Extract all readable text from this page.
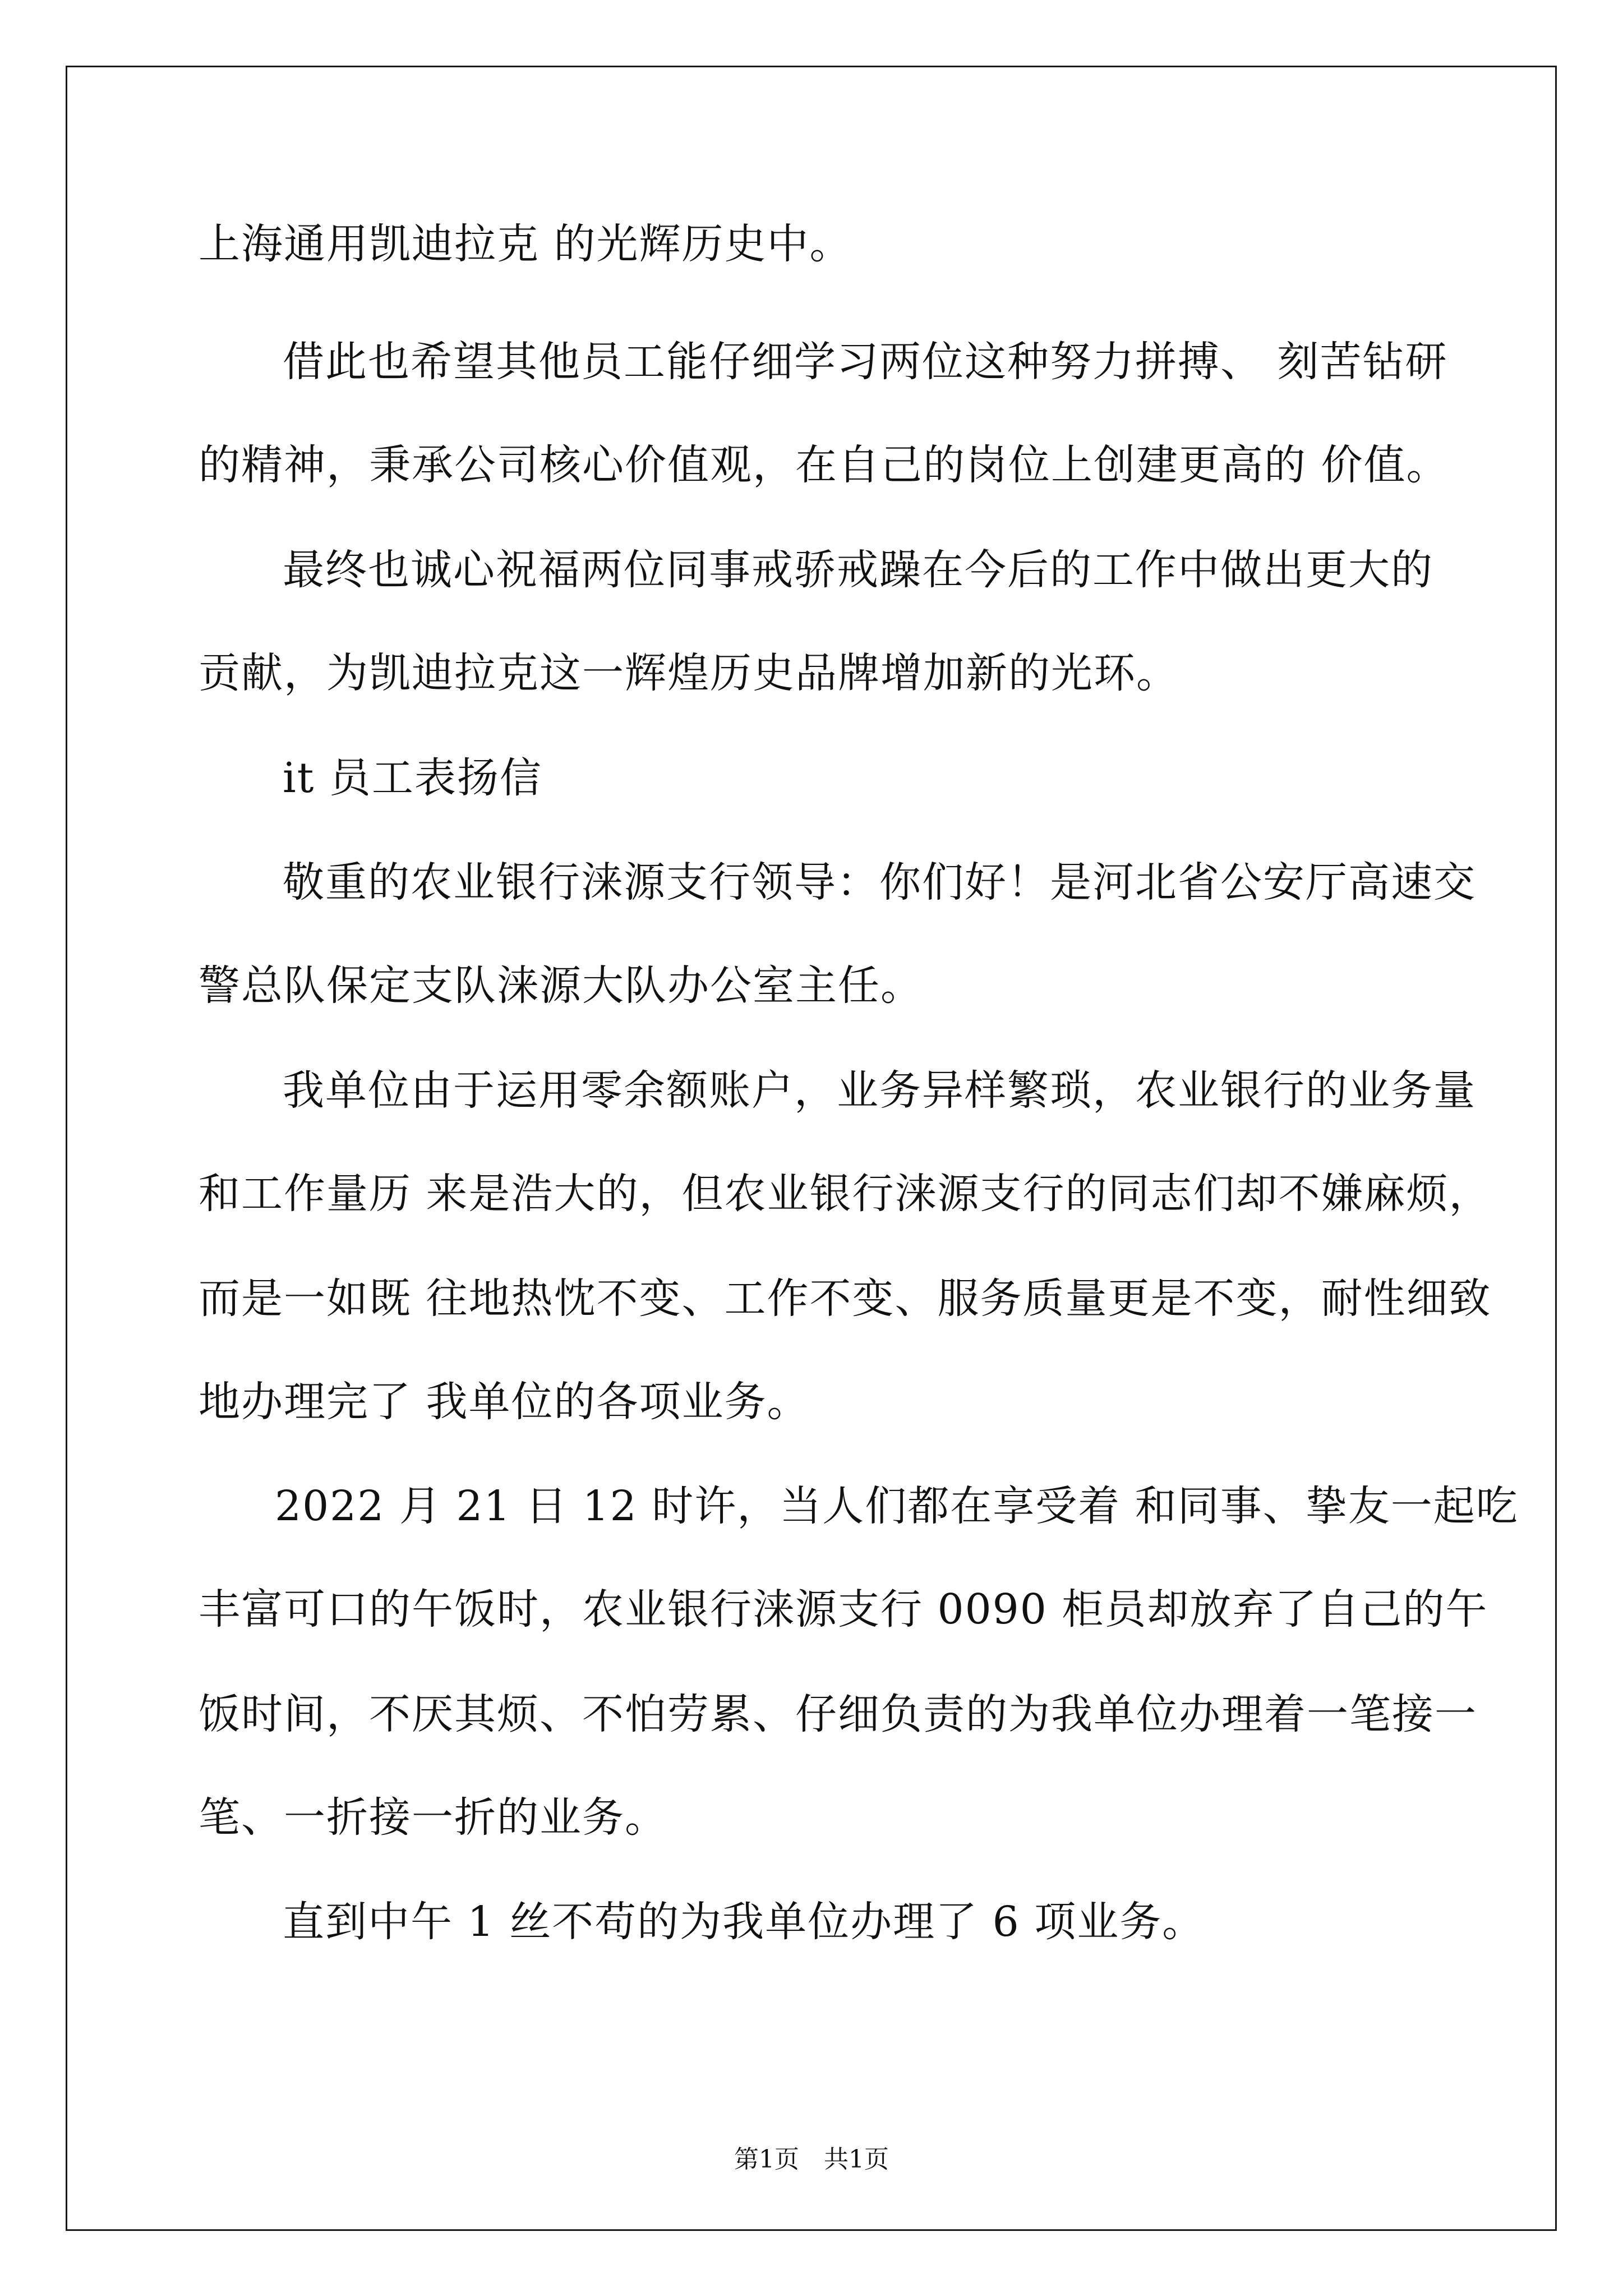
上海通用凯迪拉克 的光辉历史中。
借此也希望其他员工能仔细学习两位这种努力拼搏、 刻苦钻研
的精神，秉承公司核心价值观，在自己的岗位上创建更高的 价值。
最终也诚心祝福两位同事戒骄戒躁在今后的工作中做出更大的
贡献，为凯迪拉克这一辉煌历史品牌增加新的光环。
it 员工表扬信
敬重的农业银行涞源支行领导：你们好！是河北省公安厅高速交
警总队保定支队涞源大队办公室主任。
我单位由于运用零余额账户，业务异样繁琐，农业银行的业务量
和工作量历 来是浩大的，但农业银行涞源支行的同志们却不嫌麻烦，
而是一如既 往地热忱不变、工作不变、服务质量更是不变，耐性细致
地办理完了 我单位的各项业务。
2022 月 21 日 12 时许，当人们都在享受着 和同事、挚友一起吃
丰富可口的午饭时，农业银行涞源支行 0090 柜员却放弃了自己的午
饭时间，不厌其烦、不怕劳累、仔细负责的为我单位办理着一笔接一
笔、一折接一折的业务。
直到中午 1 丝不苟的为我单位办理了 6 项业务。
第1页　共1页
